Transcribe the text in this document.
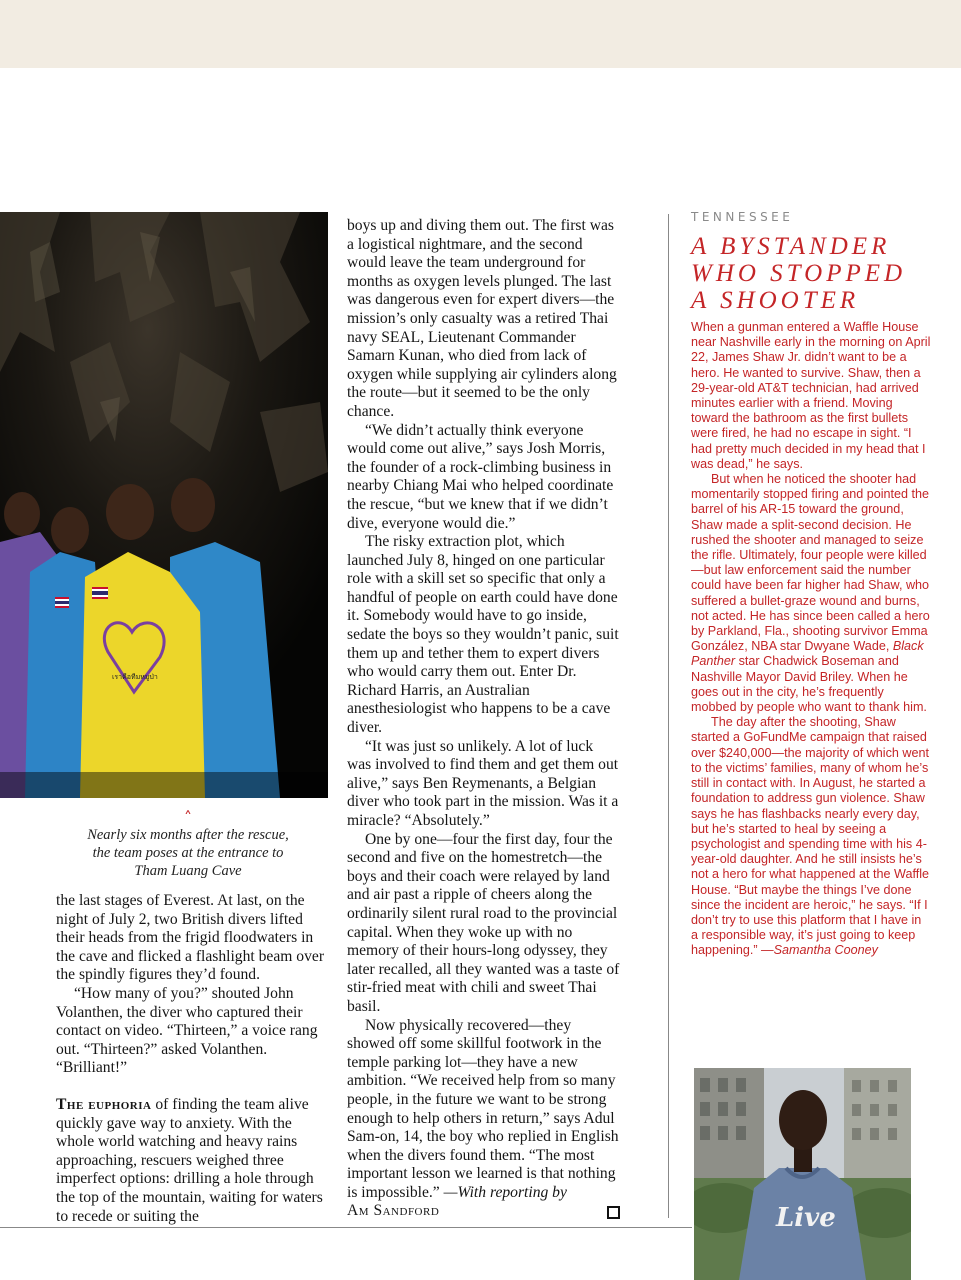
เราคือทีมหมูป่า
˄

Nearly six months after the rescue,

the team poses at the entrance to

Tham Luang Cave

the last stages of Everest. At last, on the night of July 2, two British divers lifted their heads from the frigid floodwaters in the cave and flicked a flashlight beam over the spindly figures they’d found.

“How many of you?” shouted John Volanthen, the diver who captured their contact on video. “Thirteen,” a voice rang out. “Thirteen?” asked Volanthen. “Brilliant!”

The euphoria of finding the team alive quickly gave way to anxiety. With the whole world watching and heavy rains approaching, rescuers weighed three imperfect options: drilling a hole through the top of the mountain, waiting for waters to recede or suiting the

boys up and diving them out. The first was a logistical nightmare, and the second would leave the team underground for months as oxygen levels plunged. The last was dangerous even for expert divers—the mission’s only casualty was a retired Thai navy SEAL, Lieutenant Commander Samarn Kunan, who died from lack of oxygen while supplying air cylinders along the route—but it seemed to be the only chance.

“We didn’t actually think everyone would come out alive,” says Josh Morris, the founder of a rock-climbing business in nearby Chiang Mai who helped coordinate the rescue, “but we knew that if we didn’t dive, everyone would die.”

The risky extraction plot, which launched July 8, hinged on one particular role with a skill set so specific that only a handful of people on earth could have done it. Somebody would have to go inside, sedate the boys so they wouldn’t panic, suit them up and tether them to expert divers who would carry them out. Enter Dr. Richard Harris, an Australian anesthesiologist who happens to be a cave diver.

“It was just so unlikely. A lot of luck was involved to find them and get them out alive,” says Ben Reymenants, a Belgian diver who took part in the mission. Was it a miracle? “Absolutely.”

One by one—four the first day, four the second and five on the homestretch—the boys and their coach were relayed by land and air past a ripple of cheers along the ordinarily silent rural road to the provincial capital. When they woke up with no memory of their hours-long odyssey, they later recalled, all they wanted was a taste of stir-fried meat with chili and sweet Thai basil.

Now physically recovered—they showed off some skillful footwork in the temple parking lot—they have a new ambition. “We received help from so many people, in the future we want to be strong enough to help others in return,” says Adul Sam-on, 14, the boy who replied in English when the divers found them. “The most important lesson we learned is that nothing is impossible.” —With reporting by

Am Sandford

TENNESSEE

A BYSTANDER
WHO STOPPED
A SHOOTER

When a gunman entered a Waffle House near Nashville early in the morning on April 22, James Shaw Jr. didn’t want to be a hero. He wanted to survive. Shaw, then a 29-year-old AT&T technician, had arrived minutes earlier with a friend. Moving toward the bathroom as the first bullets were fired, he had no escape in sight. “I had pretty much decided in my head that I was dead,” he says.

But when he noticed the shooter had momentarily stopped firing and pointed the barrel of his AR-15 toward the ground, Shaw made a split-second decision. He rushed the shooter and managed to seize the rifle. Ultimately, four people were killed—but law enforcement said the number could have been far higher had Shaw, who suffered a bullet-graze wound and burns, not acted. He has since been called a hero by Parkland, Fla., shooting survivor Emma González, NBA star Dwyane Wade, Black Panther star Chadwick Boseman and Nashville Mayor David Briley. When he goes out in the city, he’s frequently mobbed by people who want to thank him.

The day after the shooting, Shaw started a GoFundMe campaign that raised over $240,000—the majority of which went to the victims’ families, many of whom he’s still in contact with. In August, he started a foundation to address gun violence. Shaw says he has flashbacks nearly every day, but he’s started to heal by seeing a psychologist and spending time with his 4-year-old daughter. And he still insists he’s not a hero for what happened at the Waffle House. “But maybe the things I’ve done since the incident are heroic,” he says. “If I don’t try to use this platform that I have in a responsible way, it’s just going to keep happening.” —Samantha Cooney

Live
